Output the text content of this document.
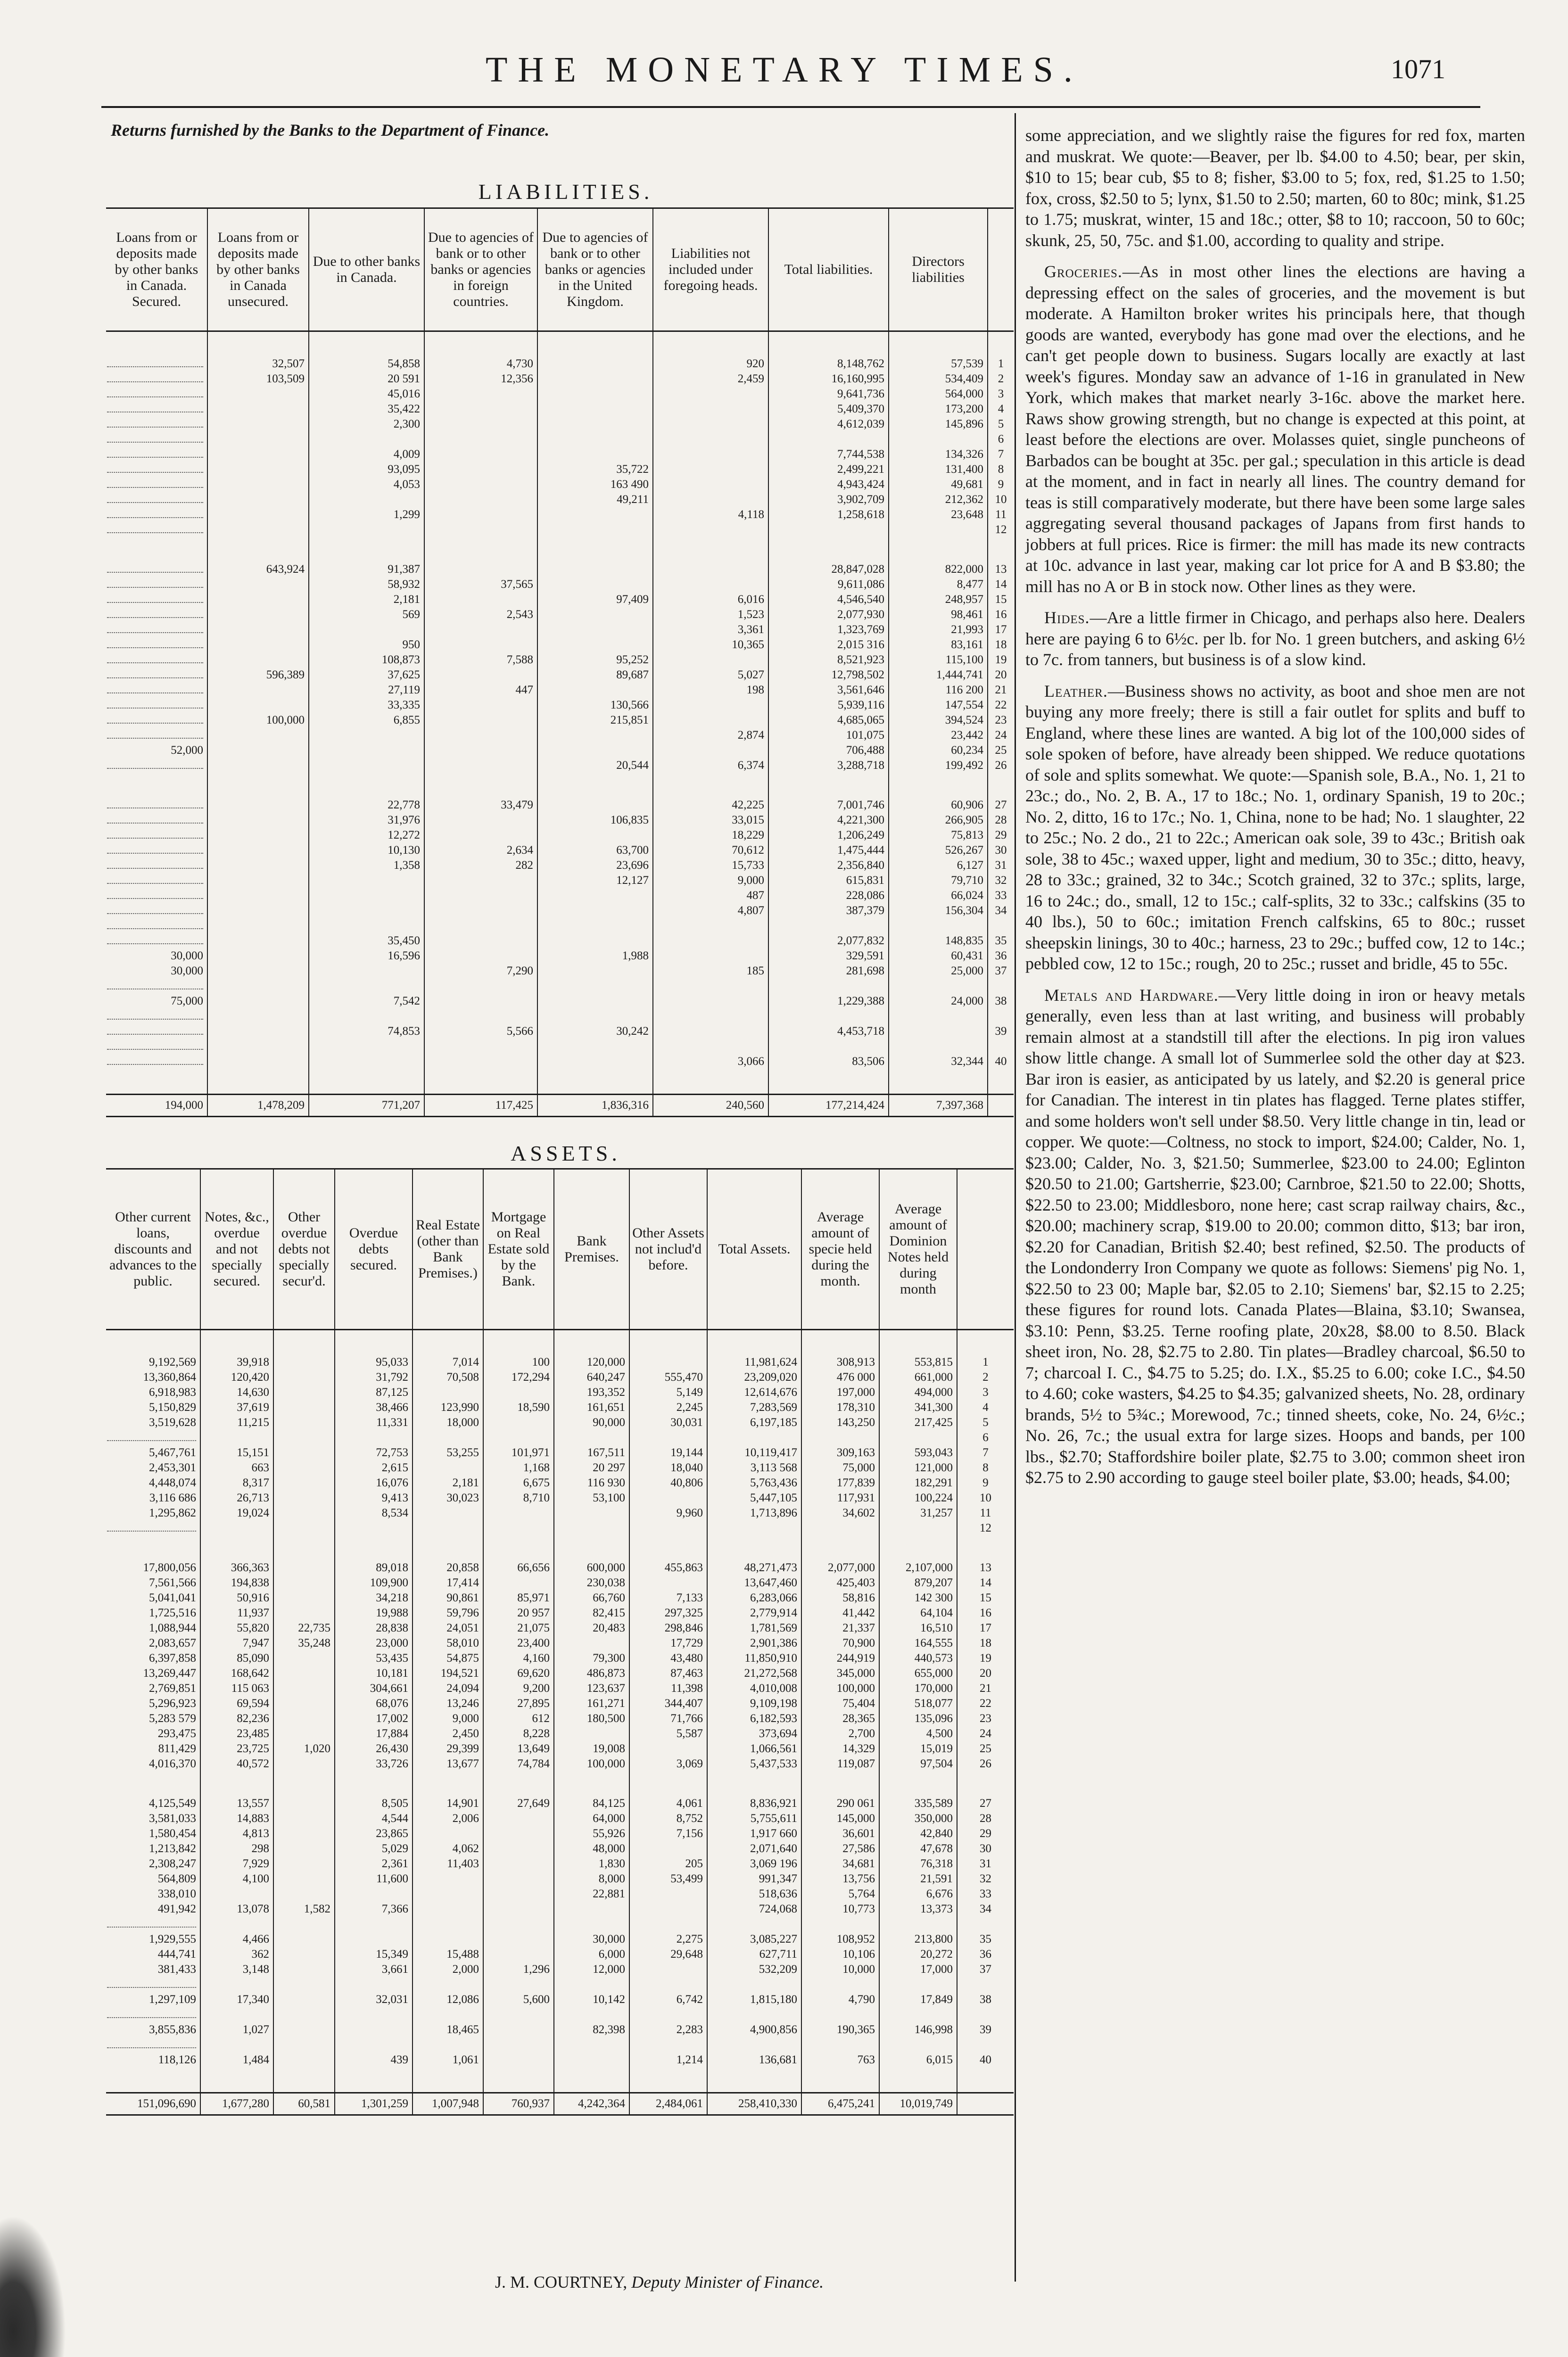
THE MONETARY TIMES.	1071
Returns furnished by the Banks to the Department of Finance.
LIABILITIES.
Loans from or deposits made by other banks in Canada. Secured.	Loans from or deposits made by other banks in Canada unsecured.	Due to other banks in Canada.	Due to agencies of bank or to other banks or agencies in foreign countries.	Due to agencies of bank or to other banks or agencies in the United Kingdom.	Liabilities not included under foregoing heads.	Total liabilities.	Directors liabilities	

	32,507	54,858	4,730		920	8,148,762	57,539	1
	103,509	20 591	12,356		2,459	16,160,995	534,409	2
		45,016				9,641,736	564,000	3
		35,422				5,409,370	173,200	4
		2,300				4,612,039	145,896	5
								6
		4,009				7,744,538	134,326	7
		93,095		35,722		2,499,221	131,400	8
		4,053		163 490		4,943,424	49,681	9
				49,211		3,902,709	212,362	10
		1,299			4,118	1,258,618	23,648	11
								12

	643,924	91,387				28,847,028	822,000	13
		58,932	37,565			9,611,086	8,477	14
		2,181		97,409	6,016	4,546,540	248,957	15
		569	2,543		1,523	2,077,930	98,461	16
					3,361	1,323,769	21,993	17
		950			10,365	2,015 316	83,161	18
		108,873	7,588	95,252		8,521,923	115,100	19
	596,389	37,625		89,687	5,027	12,798,502	1,444,741	20
		27,119	447		198	3,561,646	116 200	21
		33,335		130,566		5,939,116	147,554	22
	100,000	6,855		215,851		4,685,065	394,524	23
					2,874	101,075	23,442	24
52,000						706,488	60,234	25
				20,544	6,374	3,288,718	199,492	26

		22,778	33,479		42,225	7,001,746	60,906	27
		31,976		106,835	33,015	4,221,300	266,905	28
		12,272			18,229	1,206,249	75,813	29
		10,130	2,634	63,700	70,612	1,475,444	526,267	30
		1,358	282	23,696	15,733	2,356,840	6,127	31
				12,127	9,000	615,831	79,710	32
					487	228,086	66,024	33
					4,807	387,379	156,304	34

		35,450				2,077,832	148,835	35
30,000		16,596		1,988		329,591	60,431	36
30,000			7,290		185	281,698	25,000	37

75,000		7,542				1,229,388	24,000	38

		74,853	5,566	30,242		4,453,718		39

					3,066	83,506	32,344	40

194,000	1,478,209	771,207	117,425	1,836,316	240,560	177,214,424	7,397,368	
ASSETS.
Other current loans, discounts and advances to the public.	Notes, &c., overdue and not specially secured.	Other overdue debts not specially secur'd.	Overdue debts secured.	Real Estate (other than Bank Premises.)	Mortgage on Real Estate sold by the Bank.	Bank Premises.	Other Assets not includ'd before.	Total Assets.	Average amount of specie held during the month.	Average amount of Dominion Notes held during month	

9,192,569	39,918		95,033	7,014	100	120,000		11,981,624	308,913	553,815	1
13,360,864	120,420		31,792	70,508	172,294	640,247	555,470	23,209,020	476 000	661,000	2
6,918,983	14,630		87,125			193,352	5,149	12,614,676	197,000	494,000	3
5,150,829	37,619		38,466	123,990	18,590	161,651	2,245	7,283,569	178,310	341,300	4
3,519,628	11,215		11,331	18,000		90,000	30,031	6,197,185	143,250	217,425	5
											6
5,467,761	15,151		72,753	53,255	101,971	167,511	19,144	10,119,417	309,163	593,043	7
2,453,301	663		2,615		1,168	20 297	18,040	3,113 568	75,000	121,000	8
4,448,074	8,317		16,076	2,181	6,675	116 930	40,806	5,763,436	177,839	182,291	9
3,116 686	26,713		9,413	30,023	8,710	53,100		5,447,105	117,931	100,224	10
1,295,862	19,024		8,534				9,960	1,713,896	34,602	31,257	11
											12

17,800,056	366,363		89,018	20,858	66,656	600,000	455,863	48,271,473	2,077,000	2,107,000	13
7,561,566	194,838		109,900	17,414		230,038		13,647,460	425,403	879,207	14
5,041,041	50,916		34,218	90,861	85,971	66,760	7,133	6,283,066	58,816	142 300	15
1,725,516	11,937		19,988	59,796	20 957	82,415	297,325	2,779,914	41,442	64,104	16
1,088,944	55,820	22,735	28,838	24,051	21,075	20,483	298,846	1,781,569	21,337	16,510	17
2,083,657	7,947	35,248	23,000	58,010	23,400		17,729	2,901,386	70,900	164,555	18
6,397,858	85,090		53,435	54,875	4,160	79,300	43,480	11,850,910	244,919	440,573	19
13,269,447	168,642		10,181	194,521	69,620	486,873	87,463	21,272,568	345,000	655,000	20
2,769,851	115 063		304,661	24,094	9,200	123,637	11,398	4,010,008	100,000	170,000	21
5,296,923	69,594		68,076	13,246	27,895	161,271	344,407	9,109,198	75,404	518,077	22
5,283 579	82,236		17,002	9,000	612	180,500	71,766	6,182,593	28,365	135,096	23
293,475	23,485		17,884	2,450	8,228		5,587	373,694	2,700	4,500	24
811,429	23,725	1,020	26,430	29,399	13,649	19,008		1,066,561	14,329	15,019	25
4,016,370	40,572		33,726	13,677	74,784	100,000	3,069	5,437,533	119,087	97,504	26

4,125,549	13,557		8,505	14,901	27,649	84,125	4,061	8,836,921	290 061	335,589	27
3,581,033	14,883		4,544	2,006		64,000	8,752	5,755,611	145,000	350,000	28
1,580,454	4,813		23,865			55,926	7,156	1,917 660	36,601	42,840	29
1,213,842	298		5,029	4,062		48,000		2,071,640	27,586	47,678	30
2,308,247	7,929		2,361	11,403		1,830	205	3,069 196	34,681	76,318	31
564,809	4,100		11,600			8,000	53,499	991,347	13,756	21,591	32
338,010						22,881		518,636	5,764	6,676	33
491,942	13,078	1,582	7,366					724,068	10,773	13,373	34

1,929,555	4,466					30,000	2,275	3,085,227	108,952	213,800	35
444,741	362		15,349	15,488		6,000	29,648	627,711	10,106	20,272	36
381,433	3,148		3,661	2,000	1,296	12,000		532,209	10,000	17,000	37

1,297,109	17,340		32,031	12,086	5,600	10,142	6,742	1,815,180	4,790	17,849	38

3,855,836	1,027			18,465		82,398	2,283	4,900,856	190,365	146,998	39

118,126	1,484		439	1,061			1,214	136,681	763	6,015	40

151,096,690	1,677,280	60,581	1,301,259	1,007,948	760,937	4,242,364	2,484,061	258,410,330	6,475,241	10,019,749	
J. M. COURTNEY, Deputy Minister of Finance.

some appreciation, and we slightly raise the figures for red fox, marten and muskrat. We quote:—Beaver, per lb. $4.00 to 4.50; bear, per skin, $10 to 15; bear cub, $5 to 8; fisher, $3.00 to 5; fox, red, $1.25 to 1.50; fox, cross, $2.50 to 5; lynx, $1.50 to 2.50; marten, 60 to 80c; mink, $1.25 to 1.75; muskrat, winter, 15 and 18c.; otter, $8 to 10; raccoon, 50 to 60c; skunk, 25, 50, 75c. and $1.00, according to quality and stripe.

Groceries.—As in most other lines the elections are having a depressing effect on the sales of groceries, and the movement is but moderate. A Hamilton broker writes his principals here, that though goods are wanted, everybody has gone mad over the elections, and he can't get people down to business. Sugars locally are exactly at last week's figures. Monday saw an advance of 1-16 in granulated in New York, which makes that market nearly 3-16c. above the market here. Raws show growing strength, but no change is expected at this point, at least before the elections are over. Molasses quiet, single puncheons of Barbados can be bought at 35c. per gal.; speculation in this article is dead at the moment, and in fact in nearly all lines. The country demand for teas is still comparatively moderate, but there have been some large sales aggregating several thousand packages of Japans from first hands to jobbers at full prices. Rice is firmer: the mill has made its new contracts at 10c. advance in last year, making car lot price for A and B $3.80; the mill has no A or B in stock now. Other lines as they were.

Hides.—Are a little firmer in Chicago, and perhaps also here. Dealers here are paying 6 to 6½c. per lb. for No. 1 green butchers, and asking 6½ to 7c. from tanners, but business is of a slow kind.

Leather.—Business shows no activity, as boot and shoe men are not buying any more freely; there is still a fair outlet for splits and buff to England, where these lines are wanted. A big lot of the 100,000 sides of sole spoken of before, have already been shipped. We reduce quotations of sole and splits somewhat. We quote:—Spanish sole, B.A., No. 1, 21 to 23c.; do., No. 2, B. A., 17 to 18c.; No. 1, ordinary Spanish, 19 to 20c.; No. 2, ditto, 16 to 17c.; No. 1, China, none to be had; No. 1 slaughter, 22 to 25c.; No. 2 do., 21 to 22c.; American oak sole, 39 to 43c.; British oak sole, 38 to 45c.; waxed upper, light and medium, 30 to 35c.; ditto, heavy, 28 to 33c.; grained, 32 to 34c.; Scotch grained, 32 to 37c.; splits, large, 16 to 24c.; do., small, 12 to 15c.; calf-splits, 32 to 33c.; calfskins (35 to 40 lbs.), 50 to 60c.; imitation French calfskins, 65 to 80c.; russet sheepskin linings, 30 to 40c.; harness, 23 to 29c.; buffed cow, 12 to 14c.; pebbled cow, 12 to 15c.; rough, 20 to 25c.; russet and bridle, 45 to 55c.

Metals and Hardware.—Very little doing in iron or heavy metals generally, even less than at last writing, and business will probably remain almost at a standstill till after the elections. In pig iron values show little change. A small lot of Summerlee sold the other day at $23. Bar iron is easier, as anticipated by us lately, and $2.20 is general price for Canadian. The interest in tin plates has flagged. Terne plates stiffer, and some holders won't sell under $8.50. Very little change in tin, lead or copper. We quote:—Coltness, no stock to import, $24.00; Calder, No. 1, $23.00; Calder, No. 3, $21.50; Summerlee, $23.00 to 24.00; Eglinton $20.50 to 21.00; Gartsherrie, $23.00; Carnbroe, $21.50 to 22.00; Shotts, $22.50 to 23.00; Middlesboro, none here; cast scrap railway chairs, &c., $20.00; machinery scrap, $19.00 to 20.00; common ditto, $13; bar iron, $2.20 for Canadian, British $2.40; best refined, $2.50. The products of the Londonderry Iron Company we quote as follows: Siemens' pig No. 1, $22.50 to 23 00; Maple bar, $2.05 to 2.10; Siemens' bar, $2.15 to 2.25; these figures for round lots. Canada Plates—Blaina, $3.10; Swansea, $3.10: Penn, $3.25. Terne roofing plate, 20x28, $8.00 to 8.50. Black sheet iron, No. 28, $2.75 to 2.80. Tin plates—Bradley charcoal, $6.50 to 7; charcoal I. C., $4.75 to 5.25; do. I.X., $5.25 to 6.00; coke I.C., $4.50 to 4.60; coke wasters, $4.25 to $4.35; galvanized sheets, No. 28, ordinary brands, 5½ to 5¾c.; Morewood, 7c.; tinned sheets, coke, No. 24, 6½c.; No. 26, 7c.; the usual extra for large sizes. Hoops and bands, per 100 lbs., $2.70; Staffordshire boiler plate, $2.75 to 3.00; common sheet iron $2.75 to 2.90 according to gauge steel boiler plate, $3.00; heads, $4.00;
